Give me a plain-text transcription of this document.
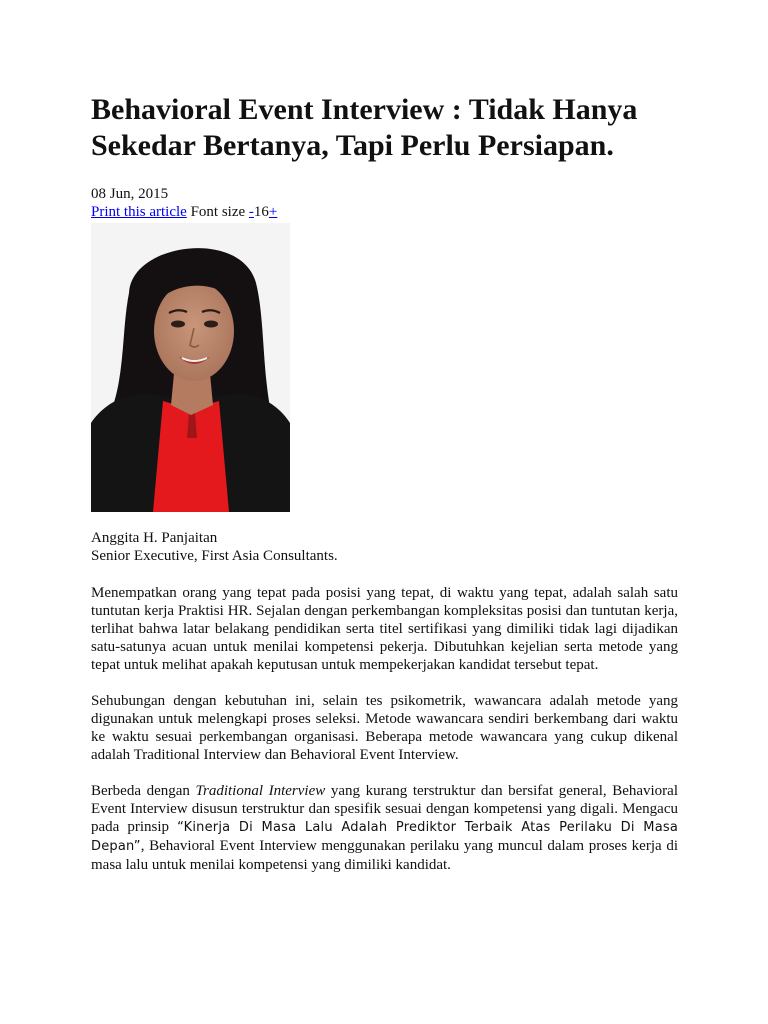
Behavioral Event Interview : Tidak Hanya Sekedar Bertanya, Tapi Perlu Persiapan.
08 Jun, 2015
Print this article Font size -16+
Anggita H. Panjaitan
Senior Executive, First Asia Consultants.

Menempatkan orang yang tepat pada posisi yang tepat, di waktu yang tepat, adalah salah satu tuntutan kerja Praktisi HR. Sejalan dengan perkembangan kompleksitas posisi dan tuntutan kerja, terlihat bahwa latar belakang pendidikan serta titel sertifikasi yang dimiliki tidak lagi dijadikan satu-satunya acuan untuk menilai kompetensi pekerja. Dibutuhkan kejelian serta metode yang tepat untuk melihat apakah keputusan untuk mempekerjakan kandidat tersebut tepat.

Sehubungan dengan kebutuhan ini, selain tes psikometrik, wawancara adalah metode yang digunakan untuk melengkapi proses seleksi. Metode wawancara sendiri berkembang dari waktu ke waktu sesuai perkembangan organisasi. Beberapa metode wawancara yang cukup dikenal adalah Traditional Interview dan Behavioral Event Interview.

Berbeda dengan Traditional Interview yang kurang terstruktur dan bersifat general, Behavioral Event Interview disusun terstruktur dan spesifik sesuai dengan kompetensi yang digali. Mengacu pada prinsip “Kinerja Di Masa Lalu Adalah Prediktor Terbaik Atas Perilaku Di Masa Depan”, Behavioral Event Interview menggunakan perilaku yang muncul dalam proses kerja di masa lalu untuk menilai kompetensi yang dimiliki kandidat.
